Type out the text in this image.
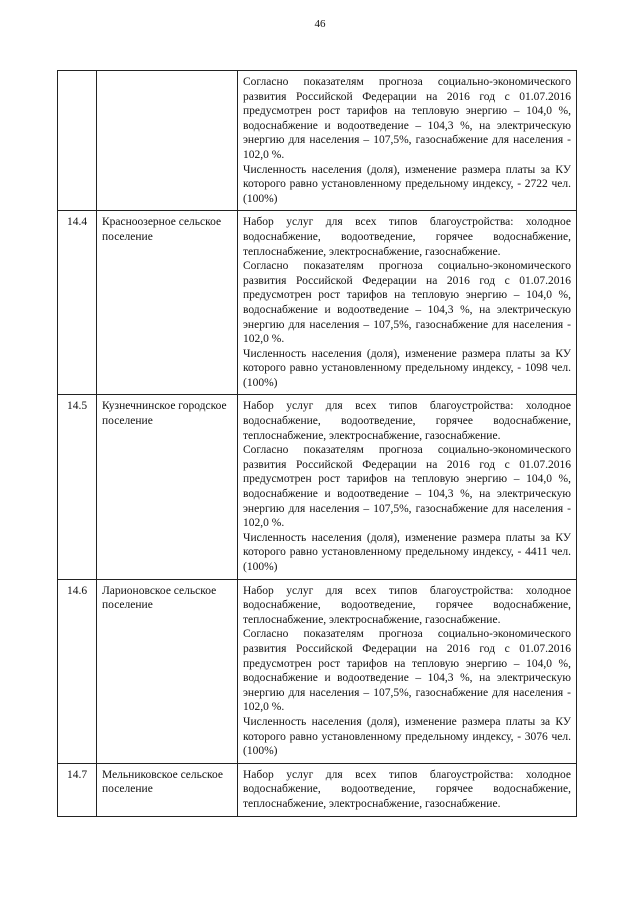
46

		Согласно показателям прогноза социально-экономического развития Российской Федерации на 2016 год с 01.07.2016 предусмотрен рост тарифов на тепловую энергию – 104,0 %, водоснабжение и водоотведение – 104,3 %, на электрическую энергию для населения – 107,5%, газоснабжение для населения - 102,0 %.
Численность населения (доля), изменение размера платы за КУ которого равно установленному предельному индексу, - 2722 чел. (100%)

14.4	Красноозерное сельское поселение	Набор услуг для всех типов благоустройства: холодное водоснабжение, водоотведение, горячее водоснабжение, теплоснабжение, электроснабжение, газоснабжение.
Согласно показателям прогноза социально-экономического развития Российской Федерации на 2016 год с 01.07.2016 предусмотрен рост тарифов на тепловую энергию – 104,0 %, водоснабжение и водоотведение – 104,3 %, на электрическую энергию для населения – 107,5%, газоснабжение для населения - 102,0 %.
Численность населения (доля), изменение размера платы за КУ которого равно установленному предельному индексу, - 1098 чел. (100%)

14.5	Кузнечнинское городское поселение	Набор услуг для всех типов благоустройства: холодное водоснабжение, водоотведение, горячее водоснабжение, теплоснабжение, электроснабжение, газоснабжение.
Согласно показателям прогноза социально-экономического развития Российской Федерации на 2016 год с 01.07.2016 предусмотрен рост тарифов на тепловую энергию – 104,0 %, водоснабжение и водоотведение – 104,3 %, на электрическую энергию для населения – 107,5%, газоснабжение для населения - 102,0 %.
Численность населения (доля), изменение размера платы за КУ которого равно установленному предельному индексу, - 4411 чел. (100%)

14.6	Ларионовское сельское поселение	Набор услуг для всех типов благоустройства: холодное водоснабжение, водоотведение, горячее водоснабжение, теплоснабжение, электроснабжение, газоснабжение.
Согласно показателям прогноза социально-экономического развития Российской Федерации на 2016 год с 01.07.2016 предусмотрен рост тарифов на тепловую энергию – 104,0 %, водоснабжение и водоотведение – 104,3 %, на электрическую энергию для населения – 107,5%, газоснабжение для населения - 102,0 %.
Численность населения (доля), изменение размера платы за КУ которого равно установленному предельному индексу, - 3076 чел. (100%)

14.7	Мельниковское сельское поселение	Набор услуг для всех типов благоустройства: холодное водоснабжение, водоотведение, горячее водоснабжение, теплоснабжение, электроснабжение, газоснабжение.
